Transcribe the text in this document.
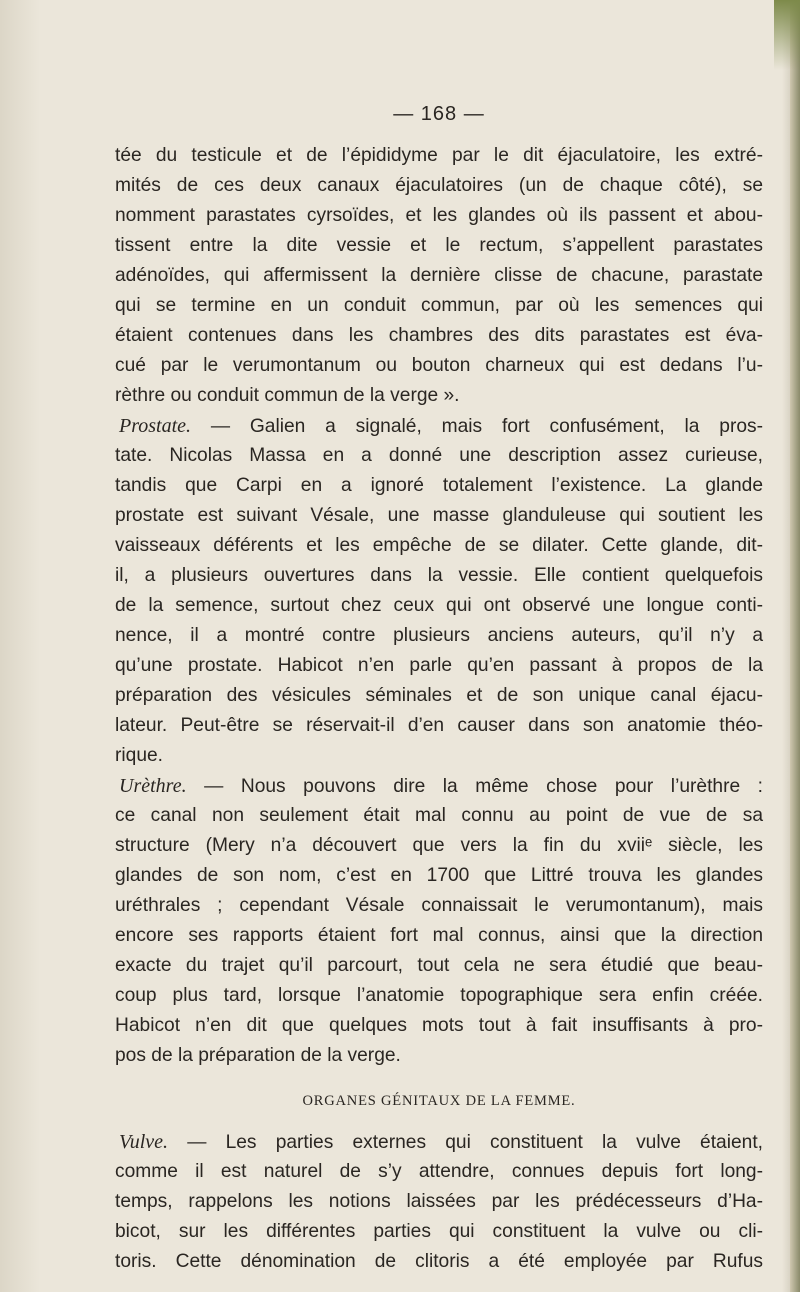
— 168 —
tée du testicule et de l’épididyme par le dit éjaculatoire, les extré-
mités de ces deux canaux éjaculatoires (un de chaque côté), se
nomment parastates cyrsoïdes, et les glandes où ils passent et abou-
tissent entre la dite vessie et le rectum, s’appellent parastates
adénoïdes, qui affermissent la dernière clisse de chacune, parastate
qui se termine en un conduit commun, par où les semences qui
étaient contenues dans les chambres des dits parastates est éva-
cué par le verumontanum ou bouton charneux qui est dedans l’u-
rèthre ou conduit commun de la verge ».
Prostate. — Galien a signalé, mais fort confusément, la pros-
tate. Nicolas Massa en a donné une description assez curieuse,
tandis que Carpi en a ignoré totalement l’existence. La glande
prostate est suivant Vésale, une masse glanduleuse qui soutient les
vaisseaux déférents et les empêche de se dilater. Cette glande, dit-
il, a plusieurs ouvertures dans la vessie. Elle contient quelquefois
de la semence, surtout chez ceux qui ont observé une longue conti-
nence, il a montré contre plusieurs anciens auteurs, qu’il n’y a
qu’une prostate. Habicot n’en parle qu’en passant à propos de la
préparation des vésicules séminales et de son unique canal éjacu-
lateur. Peut-être se réservait-il d’en causer dans son anatomie théo-
rique.
Urèthre. — Nous pouvons dire la même chose pour l’urèthre :
ce canal non seulement était mal connu au point de vue de sa
structure (Mery n’a découvert que vers la fin du xviiᵉ siècle, les
glandes de son nom, c’est en 1700 que Littré trouva les glandes
uréthrales ; cependant Vésale connaissait le verumontanum), mais
encore ses rapports étaient fort mal connus, ainsi que la direction
exacte du trajet qu’il parcourt, tout cela ne sera étudié que beau-
coup plus tard, lorsque l’anatomie topographique sera enfin créée.
Habicot n’en dit que quelques mots tout à fait insuffisants à pro-
pos de la préparation de la verge.
ORGANES GÉNITAUX DE LA FEMME.
Vulve. — Les parties externes qui constituent la vulve étaient,
comme il est naturel de s’y attendre, connues depuis fort long-
temps, rappelons les notions laissées par les prédécesseurs d’Ha-
bicot, sur les différentes parties qui constituent la vulve ou cli-
toris. Cette dénomination de clitoris a été employée par Rufus
